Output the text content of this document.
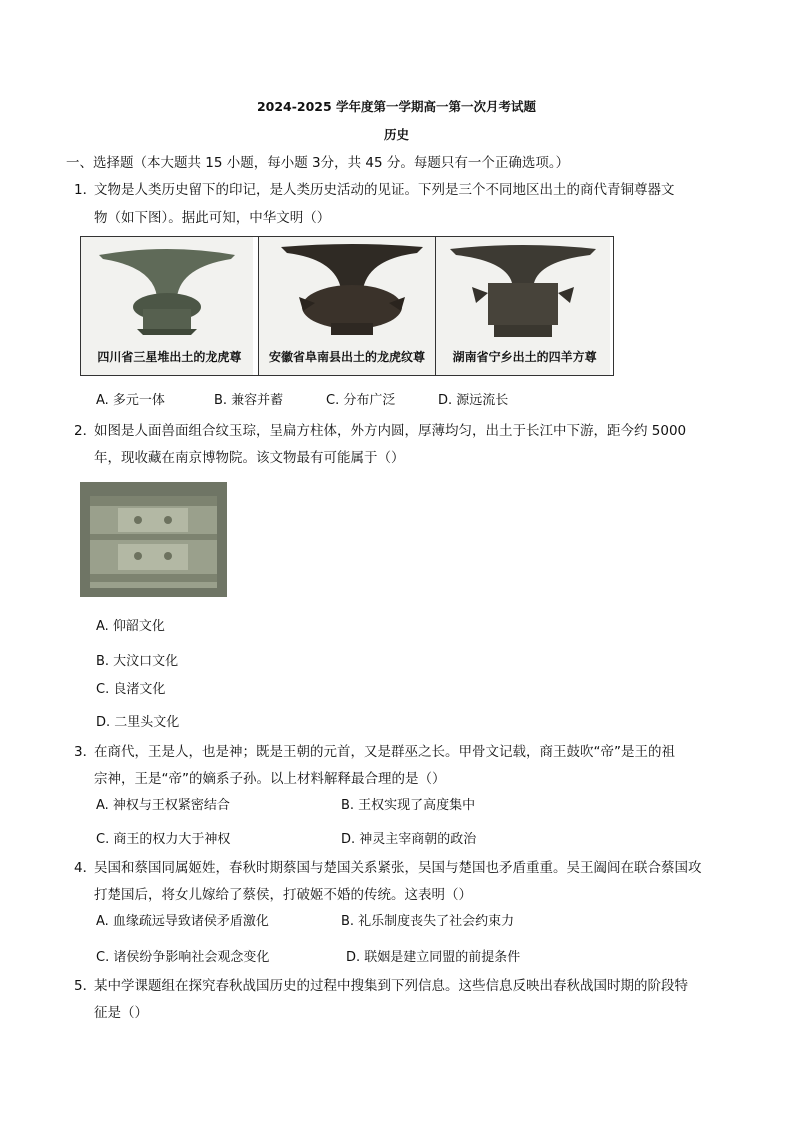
2024-2025 学年度第一学期高一第一次月考试题
历史
一、选择题（本大题共 15 小题，每小题 3分，共 45 分。每题只有一个正确选项。）
1．
文物是人类历史留下的印记，是人类历史活动的见证。下列是三个不同地区出土的商代青铜尊器文
物（如下图）。据此可知，中华文明（）
四川省三星堆出土的龙虎尊	安徽省阜南县出土的龙虎纹尊	湖南省宁乡出土的四羊方尊
A. 多元一体	B. 兼容并蓄	C. 分布广泛	D. 源远流长
2．
如图是人面兽面组合纹玉琮，呈扁方柱体，外方内圆，厚薄均匀，出土于长江中下游，距今约 5000
年，现收藏在南京博物院。该文物最有可能属于（）
A. 仰韶文化
B. 大汶口文化
C. 良渚文化
D. 二里头文化
3．
在商代，王是人，也是神；既是王朝的元首，又是群巫之长。甲骨文记载，商王鼓吹“帝”是王的祖
宗神，王是“帝”的嫡系子孙。以上材料解释最合理的是（）
A. 神权与王权紧密结合	B. 王权实现了高度集中
C. 商王的权力大于神权	D. 神灵主宰商朝的政治
4．
吴国和蔡国同属姬姓，春秋时期蔡国与楚国关系紧张，吴国与楚国也矛盾重重。吴王阖闾在联合蔡国攻
打楚国后，将女儿嫁给了蔡侯，打破姬不婚的传统。这表明（）
A. 血缘疏远导致诸侯矛盾激化	B. 礼乐制度丧失了社会约束力
C. 诸侯纷争影响社会观念变化	D. 联姻是建立同盟的前提条件
5．
某中学课题组在探究春秋战国历史的过程中搜集到下列信息。这些信息反映出春秋战国时期的阶段特
征是（）
